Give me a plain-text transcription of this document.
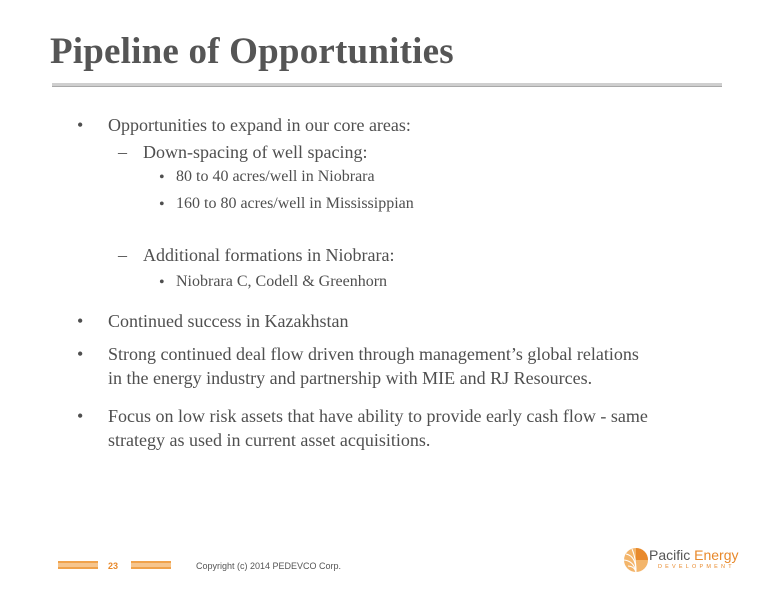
Pipeline of Opportunities
• Opportunities to expand in our core areas:
– Down-spacing of well spacing:
• 80 to 40 acres/well in Niobrara
• 160 to 80 acres/well in Mississippian
– Additional formations in Niobrara:
• Niobrara C, Codell & Greenhorn
• Continued success in Kazakhstan
• Strong continued deal flow driven through management’s global relations
in the energy industry and partnership with MIE and RJ Resources.
• Focus on low risk assets that have ability to provide early cash flow - same
strategy as used in current asset acquisitions.
23	Copyright (c) 2014 PEDEVCO Corp.
Pacific Energy
DEVELOPMENT
